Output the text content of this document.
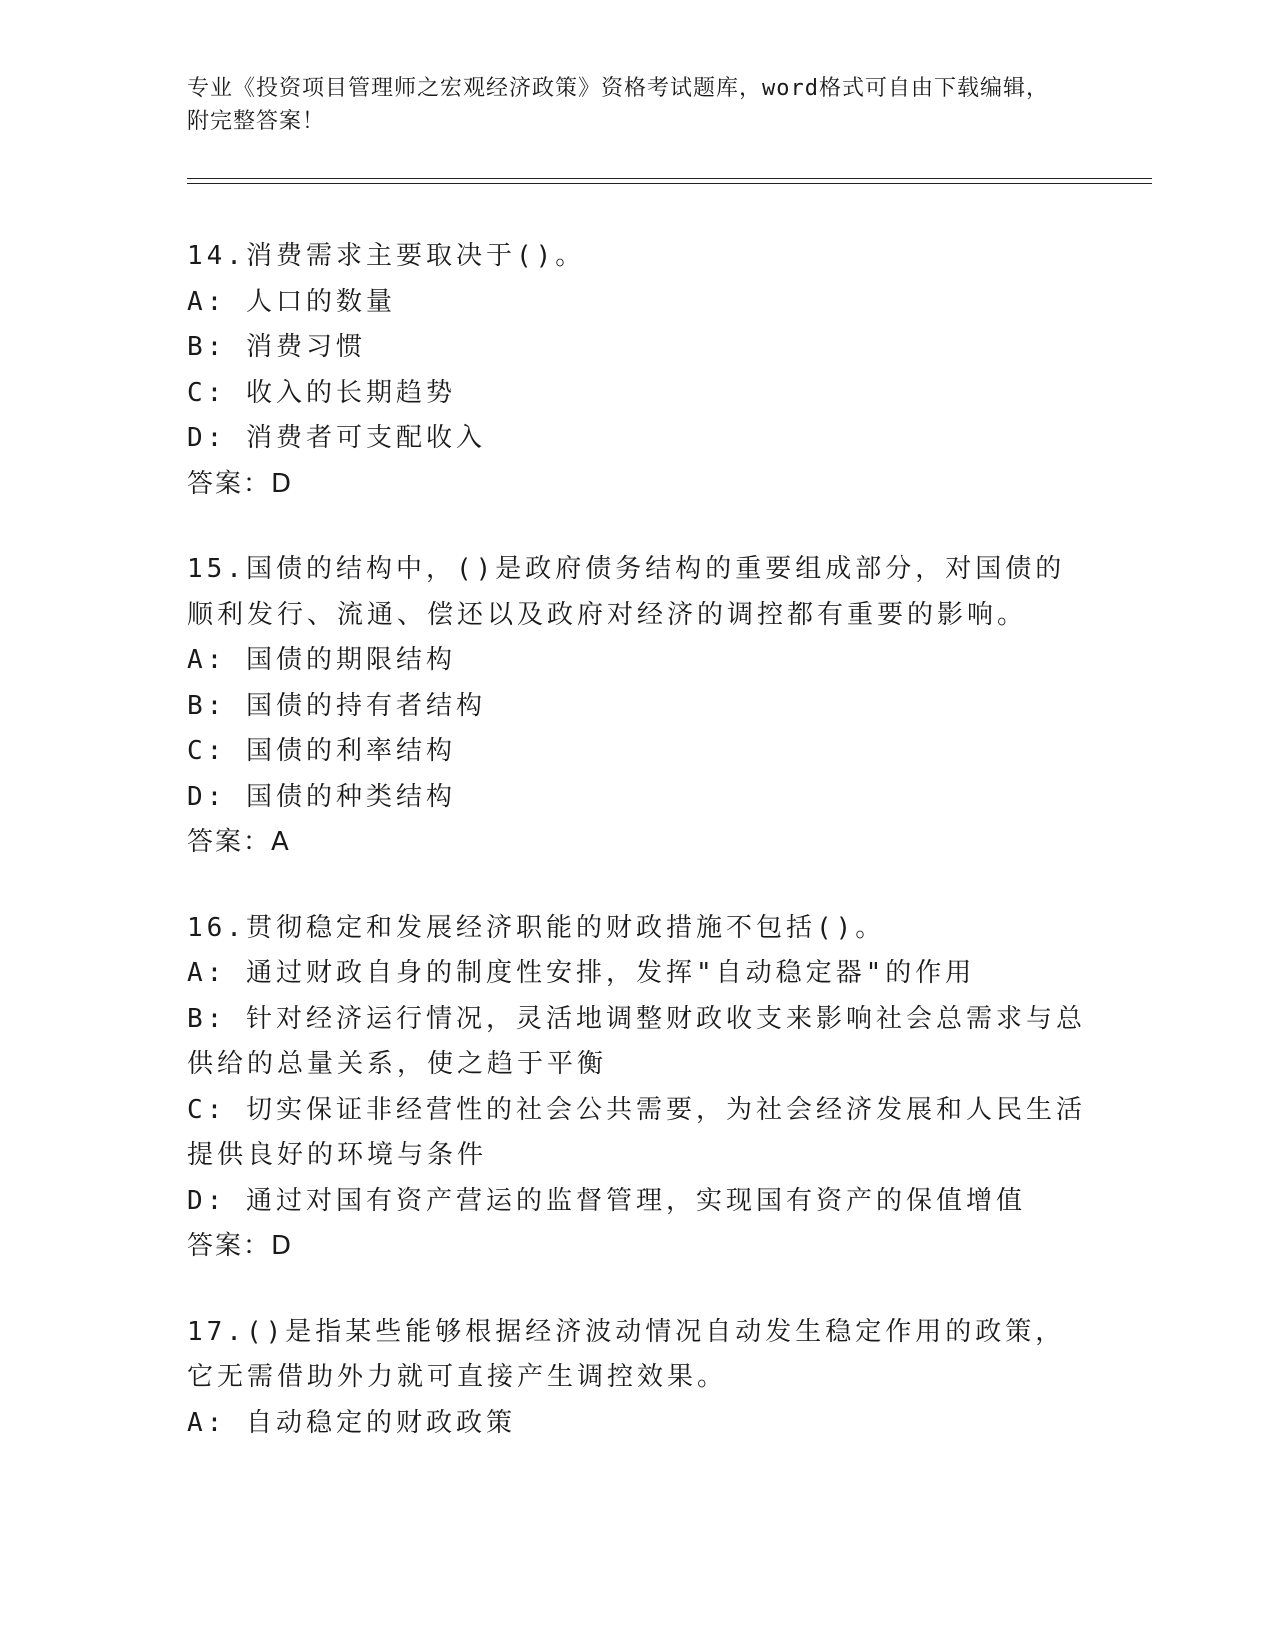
专业《投资项目管理师之宏观经济政策》资格考试题库，word格式可自由下载编辑，附完整答案！
14.消费需求主要取决于()。
A: 人口的数量
B: 消费习惯
C: 收入的长期趋势
D: 消费者可支配收入
答案：D
15.国债的结构中，()是政府债务结构的重要组成部分，对国债的顺利发行、流通、偿还以及政府对经济的调控都有重要的影响。
A: 国债的期限结构
B: 国债的持有者结构
C: 国债的利率结构
D: 国债的种类结构
答案：A
16.贯彻稳定和发展经济职能的财政措施不包括()。
A: 通过财政自身的制度性安排，发挥"自动稳定器"的作用
B: 针对经济运行情况，灵活地调整财政收支来影响社会总需求与总供给的总量关系，使之趋于平衡
C: 切实保证非经营性的社会公共需要，为社会经济发展和人民生活提供良好的环境与条件
D: 通过对国有资产营运的监督管理，实现国有资产的保值增值
答案：D
17.()是指某些能够根据经济波动情况自动发生稳定作用的政策，它无需借助外力就可直接产生调控效果。
A: 自动稳定的财政政策
